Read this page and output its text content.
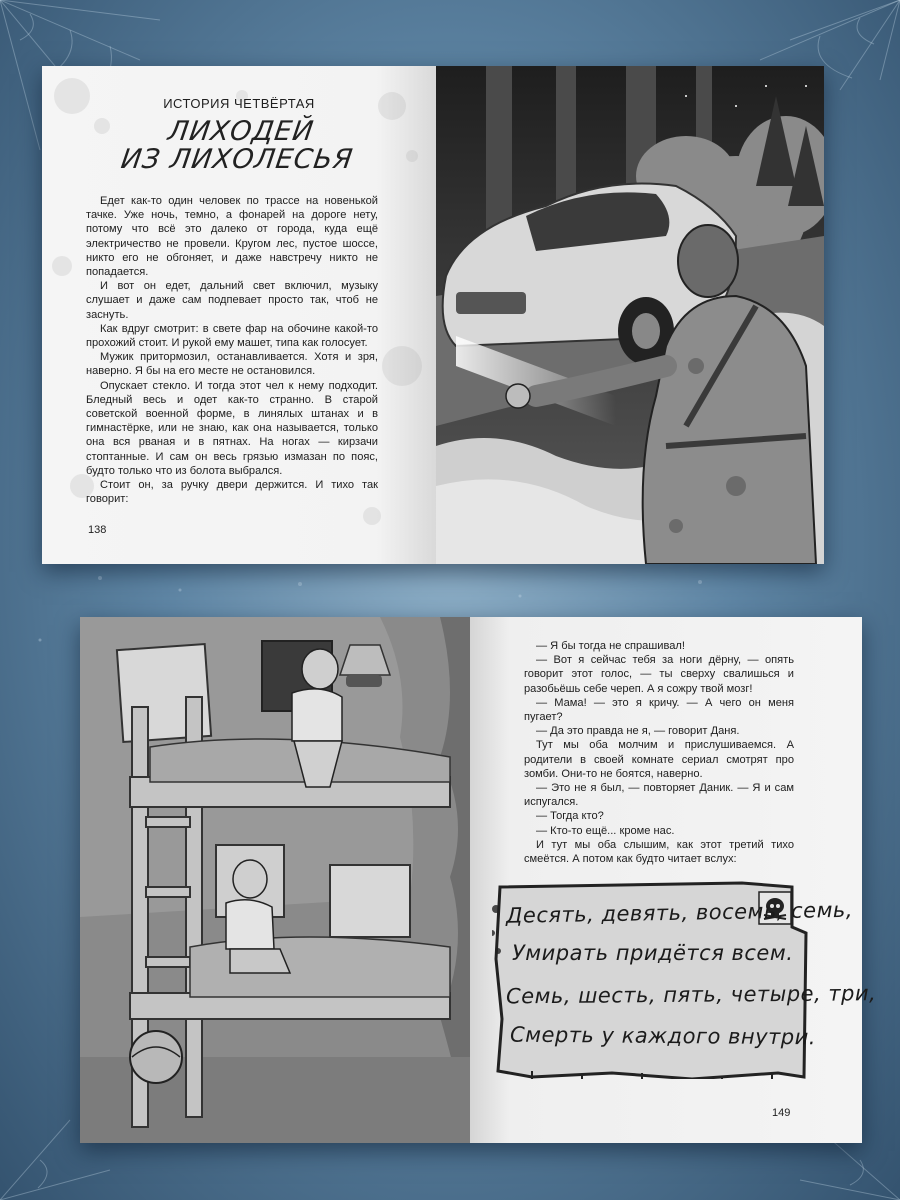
ИСТОРИЯ ЧЕТВЁРТАЯ
ЛИХОДЕЙ
ИЗ ЛИХОЛЕСЬЯ

Едет как-то один человек по трассе на новенькой тачке. Уже ночь, темно, а фонарей на дороге нету, потому что всё это далеко от города, куда ещё электричество не провели. Кругом лес, пустое шоссе, никто его не обгоняет, и даже навстречу никто не попадается.

И вот он едет, дальний свет включил, музыку слушает и даже сам подпевает просто так, чтоб не заснуть.

Как вдруг смотрит: в свете фар на обочине какой-то прохожий стоит. И рукой ему машет, типа как голосует.

Мужик притормозил, останавливается. Хотя и зря, наверно. Я бы на его месте не остановился.

Опускает стекло. И тогда этот чел к нему подходит. Бледный весь и одет как-то странно. В старой советской военной форме, в линялых штанах и в гимнастёрке, или не знаю, как она называется, только она вся рваная и в пятнах. На ногах — кирзачи стоптанные. И сам он весь грязью измазан по пояс, будто только что из болота выбрался.

Стоит он, за ручку двери держится. И тихо так говорит:

138

— Я бы тогда не спрашивал!

— Вот я сейчас тебя за ноги дёрну, — опять говорит этот голос, — ты сверху свалишься и разобьёшь себе череп. А я сожру твой мозг!

— Мама! — это я кричу. — А чего он меня пугает?

— Да это правда не я, — говорит Даня.

Тут мы оба молчим и прислушиваемся. А родители в своей комнате сериал смотрят про зомби. Они-то не боятся, наверно.

— Это не я был, — повторяет Даник. — Я и сам испугался.

— Тогда кто?

— Кто-то ещё... кроме нас.

И тут мы оба слышим, как этот третий тихо смеётся. А потом как будто читает вслух:

Десять, девять, восемь, семь,
Умирать придётся всем.
Семь, шесть, пять, четыре, три,
Смерть у каждого внутри.
149
